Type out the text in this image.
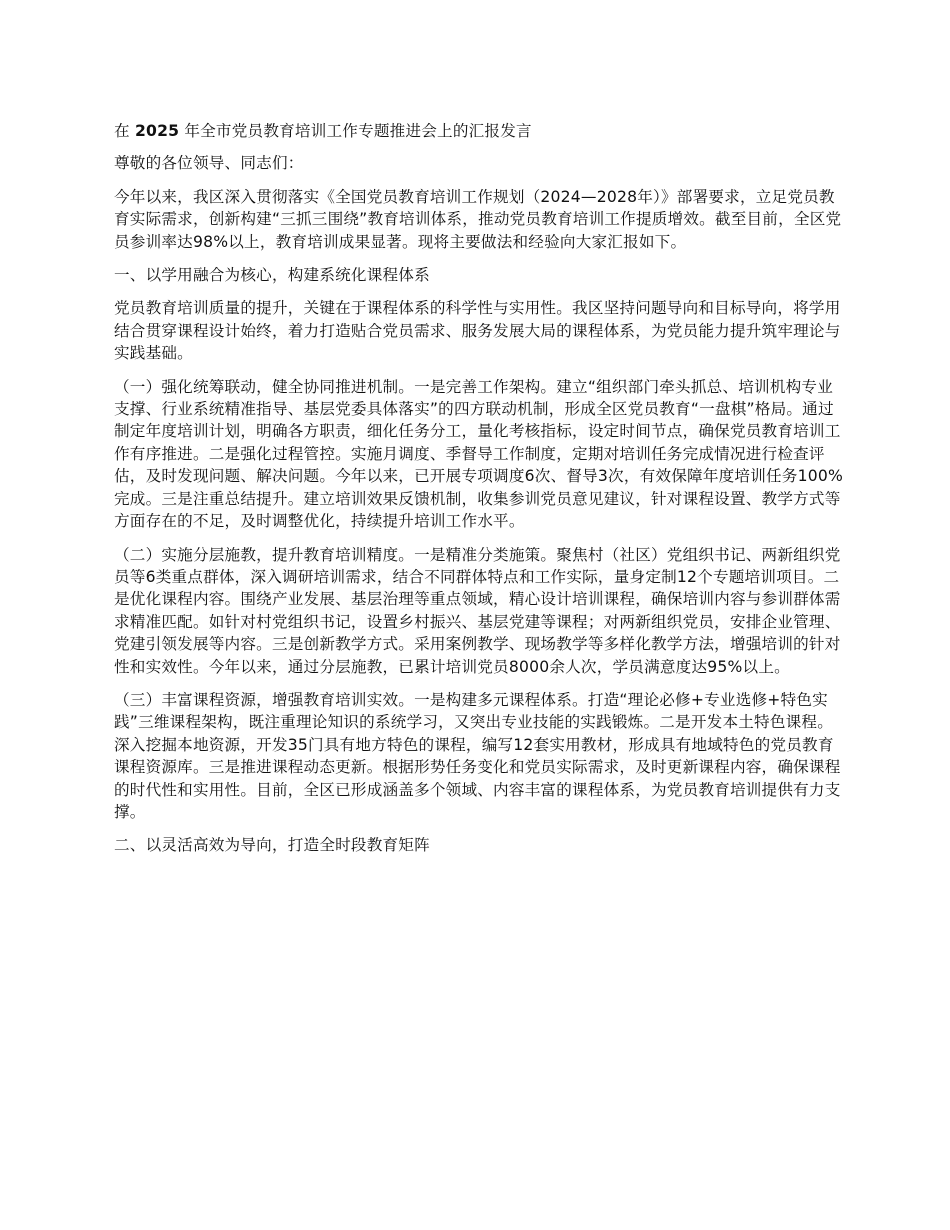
在 2025 年全市党员教育培训工作专题推进会上的汇报发言

尊敬的各位领导、同志们：

今年以来，我区深入贯彻落实《全国党员教育培训工作规划（2024—2028年）》部署要求，立足党员教育实际需求，创新构建“三抓三围绕”教育培训体系，推动党员教育培训工作提质增效。截至目前，全区党员参训率达98%以上，教育培训成果显著。现将主要做法和经验向大家汇报如下。

一、以学用融合为核心，构建系统化课程体系

党员教育培训质量的提升，关键在于课程体系的科学性与实用性。我区坚持问题导向和目标导向，将学用结合贯穿课程设计始终，着力打造贴合党员需求、服务发展大局的课程体系，为党员能力提升筑牢理论与实践基础。

（一）强化统筹联动，健全协同推进机制。一是完善工作架构。建立“组织部门牵头抓总、培训机构专业支撑、行业系统精准指导、基层党委具体落实”的四方联动机制，形成全区党员教育“一盘棋”格局。通过制定年度培训计划，明确各方职责，细化任务分工，量化考核指标，设定时间节点，确保党员教育培训工作有序推进。二是强化过程管控。实施月调度、季督导工作制度，定期对培训任务完成情况进行检查评估，及时发现问题、解决问题。今年以来，已开展专项调度6次、督导3次，有效保障年度培训任务100%完成。三是注重总结提升。建立培训效果反馈机制，收集参训党员意见建议，针对课程设置、教学方式等方面存在的不足，及时调整优化，持续提升培训工作水平。

（二）实施分层施教，提升教育培训精度。一是精准分类施策。聚焦村（社区）党组织书记、两新组织党员等6类重点群体，深入调研培训需求，结合不同群体特点和工作实际，量身定制12个专题培训项目。二是优化课程内容。围绕产业发展、基层治理等重点领域，精心设计培训课程，确保培训内容与参训群体需求精准匹配。如针对村党组织书记，设置乡村振兴、基层党建等课程；对两新组织党员，安排企业管理、党建引领发展等内容。三是创新教学方式。采用案例教学、现场教学等多样化教学方法，增强培训的针对性和实效性。今年以来，通过分层施教，已累计培训党员8000余人次，学员满意度达95%以上。

（三）丰富课程资源，增强教育培训实效。一是构建多元课程体系。打造“理论必修+专业选修+特色实践”三维课程架构，既注重理论知识的系统学习，又突出专业技能的实践锻炼。二是开发本土特色课程。深入挖掘本地资源，开发35门具有地方特色的课程，编写12套实用教材，形成具有地域特色的党员教育课程资源库。三是推进课程动态更新。根据形势任务变化和党员实际需求，及时更新课程内容，确保课程的时代性和实用性。目前，全区已形成涵盖多个领域、内容丰富的课程体系，为党员教育培训提供有力支撑。

二、以灵活高效为导向，打造全时段教育矩阵
